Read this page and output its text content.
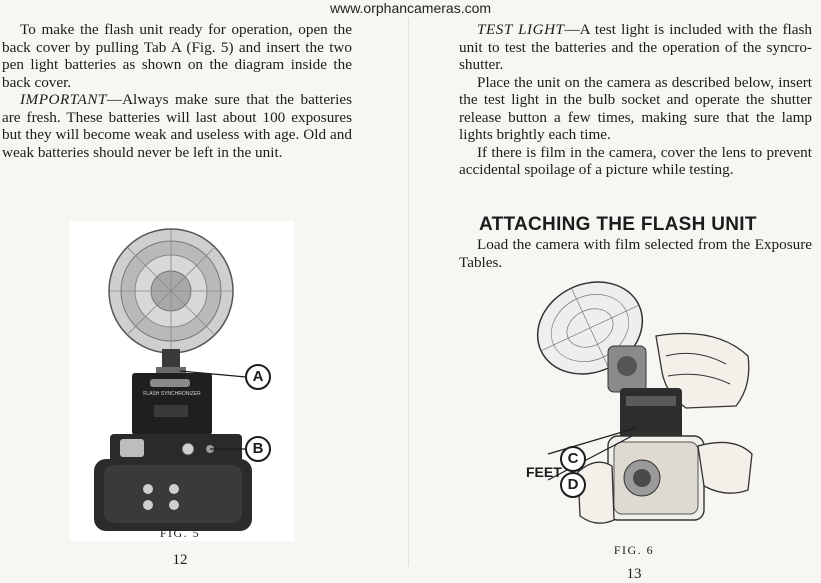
www.orphancameras.com

To make the flash unit ready for operation, open the back cover by pulling Tab A (Fig. 5) and insert the two pen light batteries as shown on the diagram inside the back cover.

IMPORTANT—Always make sure that the batteries are fresh. These batteries will last about 100 exposures but they will become weak and useless with age. Old and weak batteries should never be left in the unit.

FLASH SYNCHRONIZER
A
B
FIG. 5
12

TEST LIGHT—A test light is included with the flash unit to test the batteries and the operation of the syncro-shutter.

Place the unit on the camera as described below, insert the test light in the bulb socket and operate the shutter release button a few times, making sure that the lamp lights brightly each time.

If there is film in the camera, cover the lens to prevent accidental spoilage of a picture while testing.

ATTACHING THE FLASH UNIT

Load the camera with film selected from the Exposure Tables.

FEET
C
D
FIG. 6
13
